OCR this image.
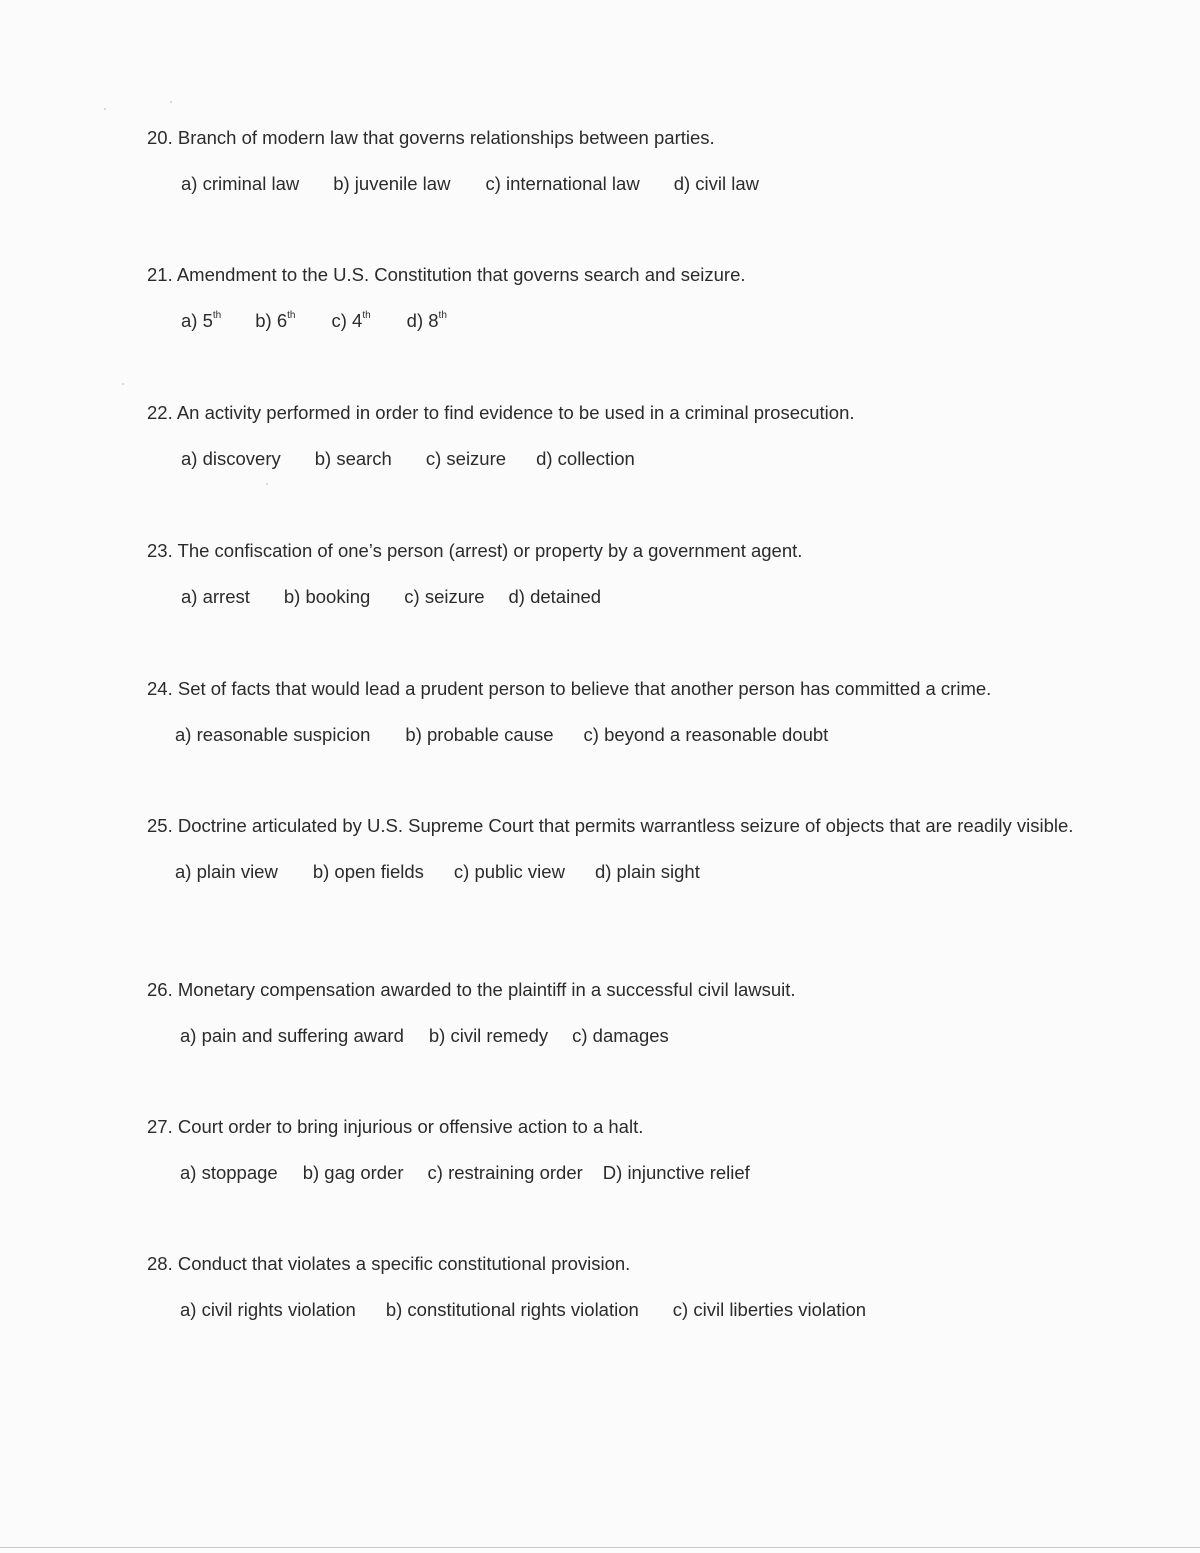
20. Branch of modern law that governs relationships between parties.

a) criminal law b) juvenile law c) international law d) civil law

21. Amendment to the U.S. Constitution that governs search and seizure.

a) 5th b) 6th c) 4th d) 8th

22. An activity performed in order to find evidence to be used in a criminal prosecution.

a) discovery b) search c) seizure d) collection

23. The confiscation of one’s person (arrest) or property by a government agent.

a) arrest b) booking c) seizure d) detained

24. Set of facts that would lead a prudent person to believe that another person has committed a crime.

a) reasonable suspicion b) probable cause c) beyond a reasonable doubt

25. Doctrine articulated by U.S. Supreme Court that permits warrantless seizure of objects that are readily visible.

a) plain view b) open fields c) public view d) plain sight

26. Monetary compensation awarded to the plaintiff in a successful civil lawsuit.

a) pain and suffering award b) civil remedy c) damages

27. Court order to bring injurious or offensive action to a halt.

a) stoppage b) gag order c) restraining order D) injunctive relief

28. Conduct that violates a specific constitutional provision.

a) civil rights violation b) constitutional rights violation c) civil liberties violation
